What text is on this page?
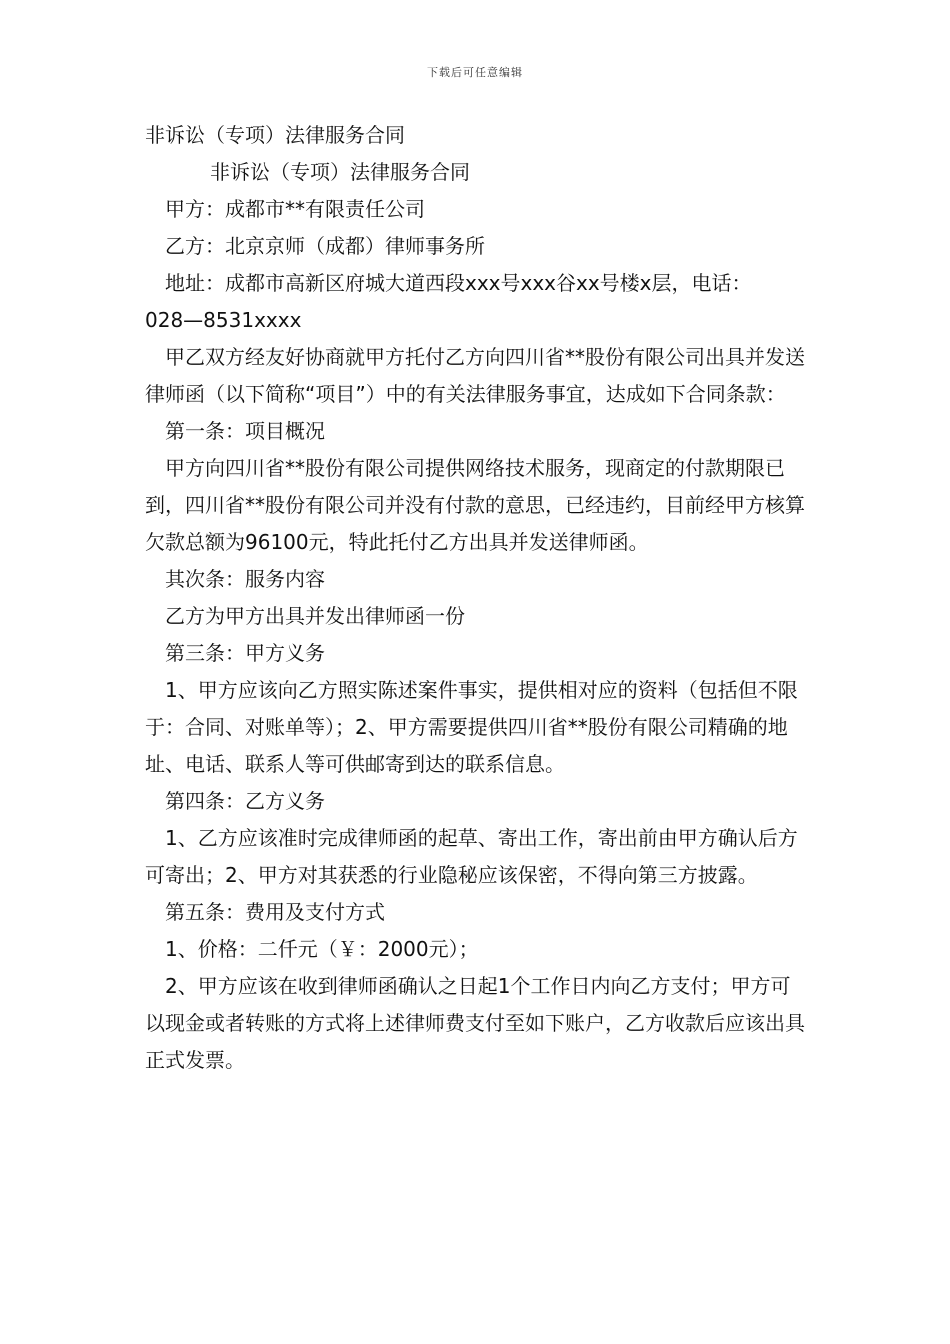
下载后可任意编辑

非诉讼（专项）法律服务合同

非诉讼（专项）法律服务合同

甲方：成都市**有限责任公司

乙方：北京京师（成都）律师事务所

地址：成都市高新区府城大道西段xxx号xxx谷xx号楼x层，电话：

028—8531xxxx

甲乙双方经友好协商就甲方托付乙方向四川省**股份有限公司出具并发送律师函（以下简称“项目”）中的有关法律服务事宜，达成如下合同条款：

第一条：项目概况

甲方向四川省**股份有限公司提供网络技术服务，现商定的付款期限已到，四川省**股份有限公司并没有付款的意思，已经违约，目前经甲方核算欠款总额为96100元，特此托付乙方出具并发送律师函。

其次条：服务内容

乙方为甲方出具并发出律师函一份

第三条：甲方义务

1、甲方应该向乙方照实陈述案件事实，提供相对应的资料（包括但不限于：合同、对账单等）；2、甲方需要提供四川省**股份有限公司精确的地址、电话、联系人等可供邮寄到达的联系信息。

第四条：乙方义务

1、乙方应该准时完成律师函的起草、寄出工作，寄出前由甲方确认后方可寄出；2、甲方对其获悉的行业隐秘应该保密，不得向第三方披露。

第五条：费用及支付方式

1、价格：二仟元（￥：2000元）；

2、甲方应该在收到律师函确认之日起1个工作日内向乙方支付；甲方可以现金或者转账的方式将上述律师费支付至如下账户，乙方收款后应该出具正式发票。
